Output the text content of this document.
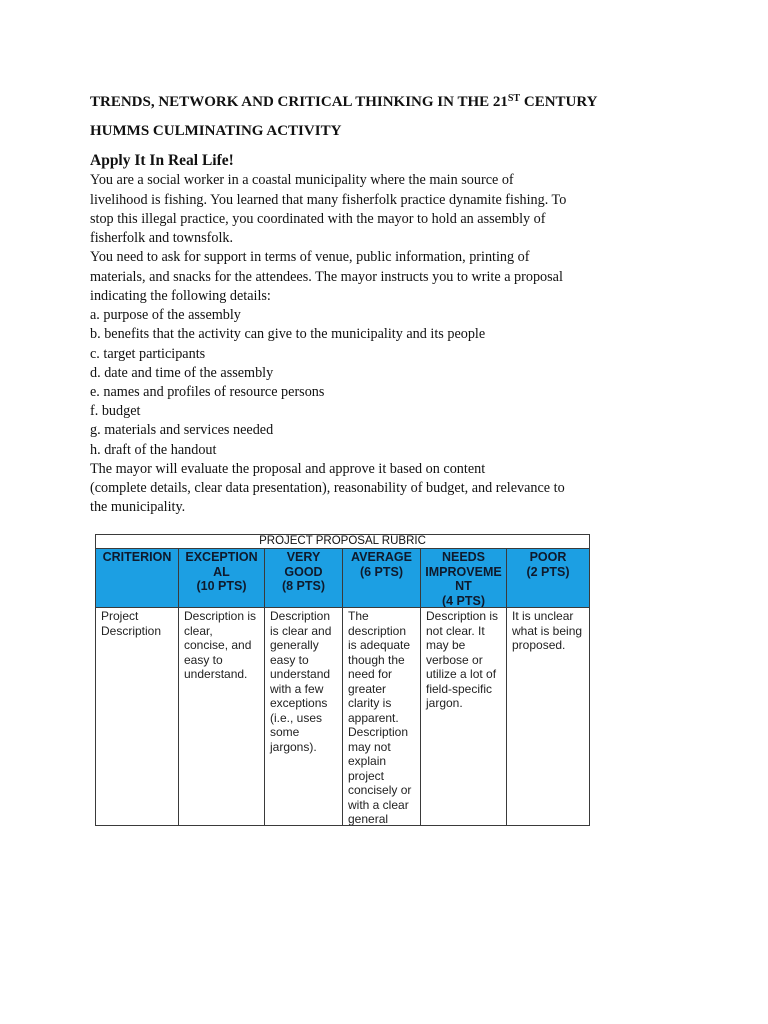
TRENDS, NETWORK AND CRITICAL THINKING IN THE 21ST CENTURY
HUMMS CULMINATING ACTIVITY
Apply It In Real Life!
You are a social worker in a coastal municipality where the main source of
livelihood is fishing. You learned that many fisherfolk practice dynamite fishing. To
stop this illegal practice, you coordinated with the mayor to hold an assembly of
fisherfolk and townsfolk.
You need to ask for support in terms of venue, public information, printing of
materials, and snacks for the attendees. The mayor instructs you to write a proposal
indicating the following details:
a. purpose of the assembly
b. benefits that the activity can give to the municipality and its people
c. target participants
d. date and time of the assembly
e. names and profiles of resource persons
f. budget
g. materials and services needed
h. draft of the handout
The mayor will evaluate the proposal and approve it based on content
(complete details, clear data presentation), reasonability of budget, and relevance to
the municipality.
PROJECT PROPOSAL RUBRIC
CRITERION	EXCEPTION
AL
(10 PTS)
VERY
GOOD
(8 PTS)
AVERAGE
(6 PTS)
NEEDS
IMPROVEME
NT
(4 PTS)
POOR
(2 PTS)
Project
Description
Description is
clear,
concise, and
easy to
understand.
Description
is clear and
generally
easy to
understand
with a few
exceptions
(i.e., uses
some
jargons).
The
description
is adequate
though the
need for
greater
clarity is
apparent.
Description
may not
explain
project
concisely or
with a clear
general
Description is
not clear. It
may be
verbose or
utilize a lot of
field-specific
jargon.
It is unclear
what is being
proposed.
